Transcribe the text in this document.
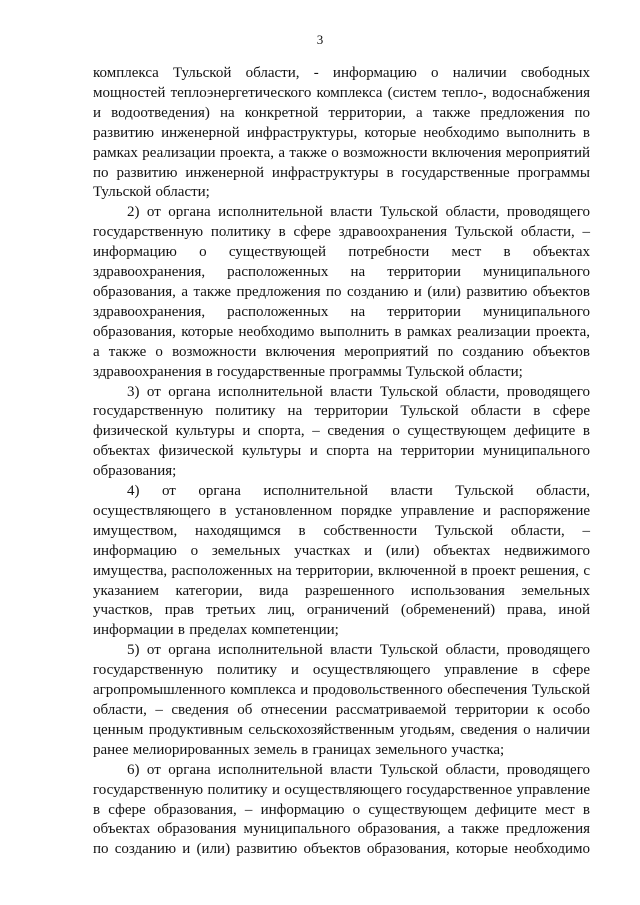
3

комплекса Тульской области, - информацию о наличии свободных мощностей теплоэнергетического комплекса (систем тепло-, водоснабжения и водоотведения) на конкретной территории, а также предложения по развитию инженерной инфраструктуры, которые необходимо выполнить в рамках реализации проекта, а также о возможности включения мероприятий по развитию инженерной инфраструктуры в государственные программы Тульской области;

2) от органа исполнительной власти Тульской области, проводящего государственную политику в сфере здравоохранения Тульской области, – информацию о существующей потребности мест в объектах здравоохранения, расположенных на территории муниципального образования, а также предложения по созданию и (или) развитию объектов здравоохранения, расположенных на территории муниципального образования, которые необходимо выполнить в рамках реализации проекта, а также о возможности включения мероприятий по созданию объектов здравоохранения в государственные программы Тульской области;

3) от органа исполнительной власти Тульской области, проводящего государственную политику на территории Тульской области в сфере физической культуры и спорта, – сведения о существующем дефиците в объектах физической культуры и спорта на территории муниципального образования;

4) от органа исполнительной власти Тульской области, осуществляющего в установленном порядке управление и распоряжение имуществом, находящимся в собственности Тульской области, – информацию о земельных участках и (или) объектах недвижимого имущества, расположенных на территории, включенной в проект решения, с указанием категории, вида разрешенного использования земельных участков, прав третьих лиц, ограничений (обременений) права, иной информации в пределах компетенции;

5) от органа исполнительной власти Тульской области, проводящего государственную политику и осуществляющего управление в сфере агропромышленного комплекса и продовольственного обеспечения Тульской области, – сведения об отнесении рассматриваемой территории к особо ценным продуктивным сельскохозяйственным угодьям, сведения о наличии ранее мелиорированных земель в границах земельного участка;

6) от органа исполнительной власти Тульской области, проводящего государственную политику и осуществляющего государственное управление в сфере образования, – информацию о существующем дефиците мест в объектах образования муниципального образования, а также предложения по созданию и (или) развитию объектов образования, которые необходимо
